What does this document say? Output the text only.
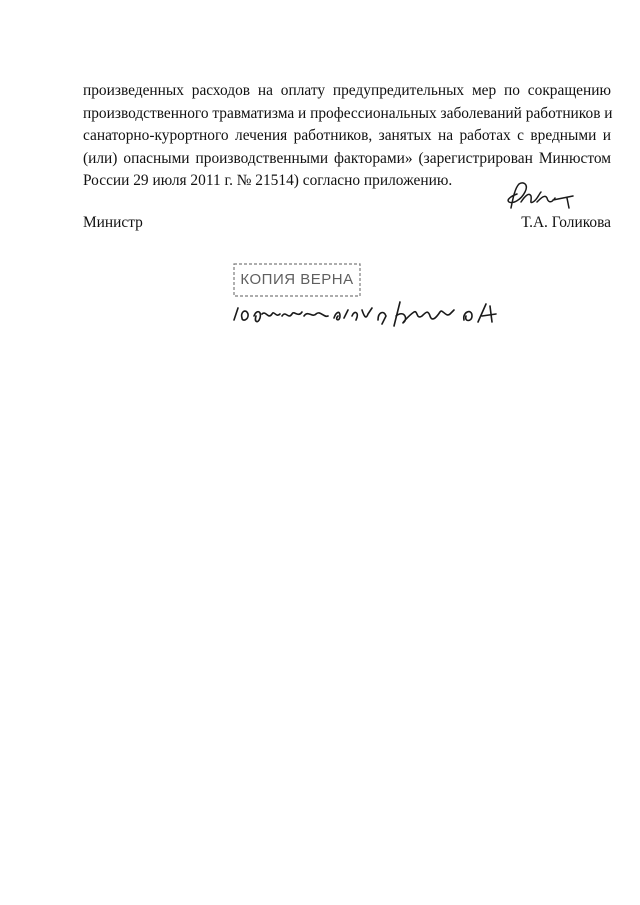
произведенных расходов на оплату предупредительных мер по сокращению
производственного травматизма и профессиональных заболеваний работников и
санаторно-курортного лечения работников, занятых на работах с вредными и
(или) опасными производственными факторами» (зарегистрирован Минюстом
России 29 июля 2011 г. № 21514) согласно приложению.
Министр	Т.А. Голикова
КОПИЯ ВЕРНА
